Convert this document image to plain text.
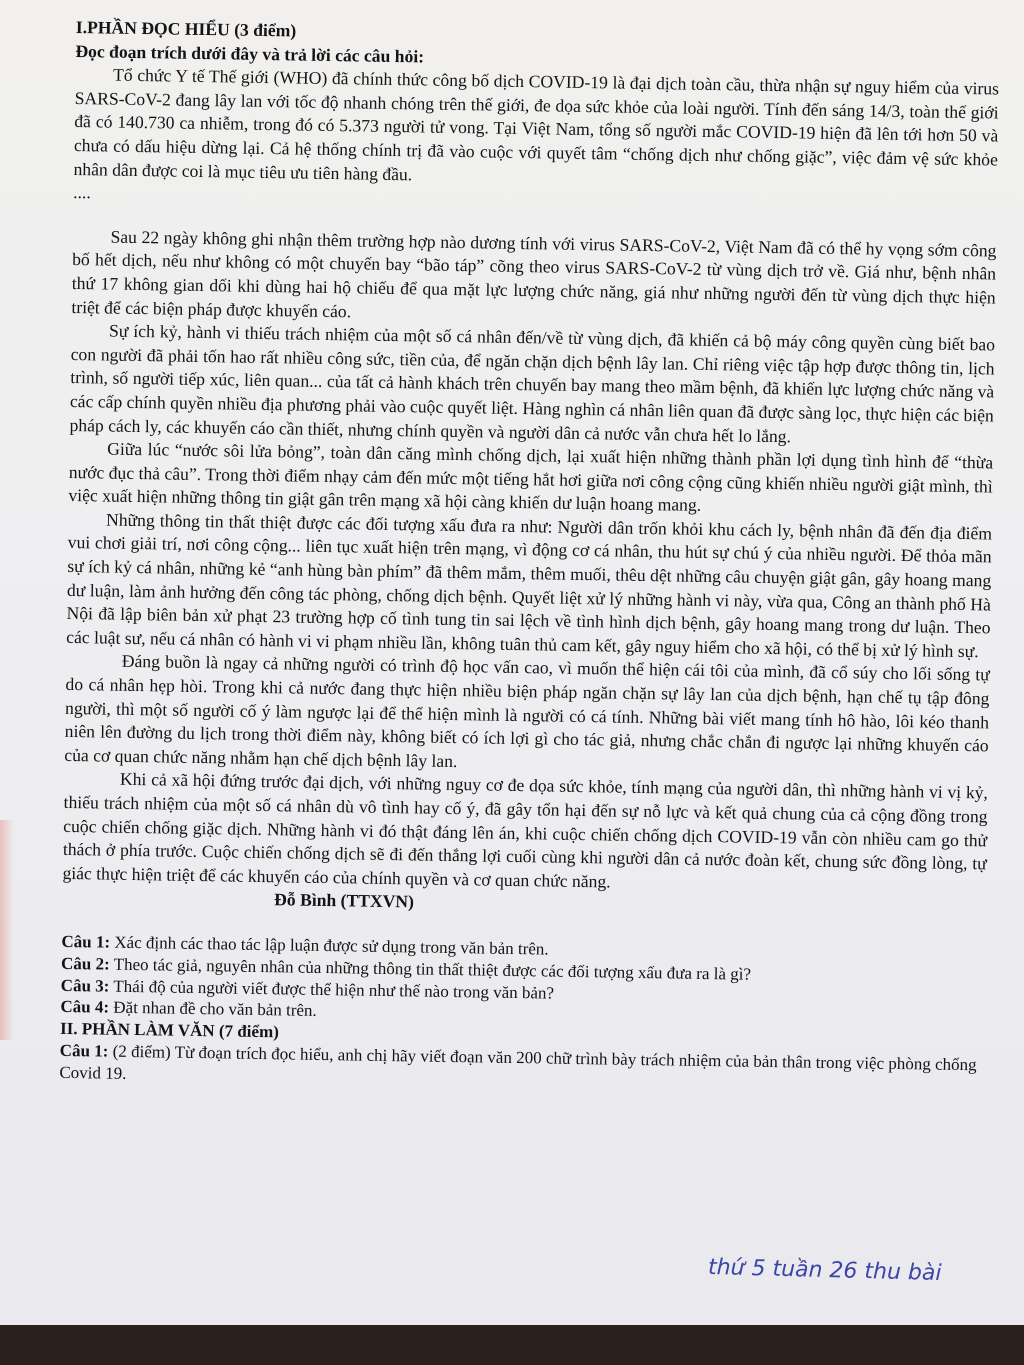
I.PHẦN ĐỌC HIỂU (3 điểm)

Đọc đoạn trích dưới đây và trả lời các câu hỏi:

Tổ chức Y tế Thế giới (WHO) đã chính thức công bố dịch COVID-19 là đại dịch toàn cầu, thừa nhận sự nguy hiểm của virus SARS-CoV-2 đang lây lan với tốc độ nhanh chóng trên thế giới, đe dọa sức khỏe của loài người. Tính đến sáng 14/3, toàn thế giới đã có 140.730 ca nhiễm, trong đó có 5.373 người tử vong. Tại Việt Nam, tổng số người mắc COVID-19 hiện đã lên tới hơn 50 và chưa có dấu hiệu dừng lại. Cả hệ thống chính trị đã vào cuộc với quyết tâm “chống dịch như chống giặc”, việc đảm vệ sức khỏe nhân dân được coi là mục tiêu ưu tiên hàng đầu.

....

Sau 22 ngày không ghi nhận thêm trường hợp nào dương tính với virus SARS-CoV-2, Việt Nam đã có thể hy vọng sớm công bố hết dịch, nếu như không có một chuyến bay “bão táp” cõng theo virus SARS-CoV-2 từ vùng dịch trở về. Giá như, bệnh nhân thứ 17 không gian dối khi dùng hai hộ chiếu để qua mặt lực lượng chức năng, giá như những người đến từ vùng dịch thực hiện triệt để các biện pháp được khuyến cáo.

Sự ích kỷ, hành vi thiếu trách nhiệm của một số cá nhân đến/về từ vùng dịch, đã khiến cả bộ máy công quyền cùng biết bao con người đã phải tốn hao rất nhiều công sức, tiền của, để ngăn chặn dịch bệnh lây lan. Chỉ riêng việc tập hợp được thông tin, lịch trình, số người tiếp xúc, liên quan... của tất cả hành khách trên chuyến bay mang theo mầm bệnh, đã khiến lực lượng chức năng và các cấp chính quyền nhiều địa phương phải vào cuộc quyết liệt. Hàng nghìn cá nhân liên quan đã được sàng lọc, thực hiện các biện pháp cách ly, các khuyến cáo cần thiết, nhưng chính quyền và người dân cả nước vẫn chưa hết lo lắng.

Giữa lúc “nước sôi lửa bỏng”, toàn dân căng mình chống dịch, lại xuất hiện những thành phần lợi dụng tình hình để “thừa nước đục thả câu”. Trong thời điểm nhạy cảm đến mức một tiếng hắt hơi giữa nơi công cộng cũng khiến nhiều người giật mình, thì việc xuất hiện những thông tin giật gân trên mạng xã hội càng khiến dư luận hoang mang.

Những thông tin thất thiệt được các đối tượng xấu đưa ra như: Người dân trốn khỏi khu cách ly, bệnh nhân đã đến địa điểm vui chơi giải trí, nơi công cộng... liên tục xuất hiện trên mạng, vì động cơ cá nhân, thu hút sự chú ý của nhiều người. Để thỏa mãn sự ích kỷ cá nhân, những kẻ “anh hùng bàn phím” đã thêm mắm, thêm muối, thêu dệt những câu chuyện giật gân, gây hoang mang dư luận, làm ảnh hưởng đến công tác phòng, chống dịch bệnh. Quyết liệt xử lý những hành vi này, vừa qua, Công an thành phố Hà Nội đã lập biên bản xử phạt 23 trường hợp cố tình tung tin sai lệch về tình hình dịch bệnh, gây hoang mang trong dư luận. Theo các luật sư, nếu cá nhân có hành vi vi phạm nhiều lần, không tuân thủ cam kết, gây nguy hiểm cho xã hội, có thể bị xử lý hình sự.

Đáng buồn là ngay cả những người có trình độ học vấn cao, vì muốn thể hiện cái tôi của mình, đã cổ súy cho lối sống tự do cá nhân hẹp hòi. Trong khi cả nước đang thực hiện nhiều biện pháp ngăn chặn sự lây lan của dịch bệnh, hạn chế tụ tập đông người, thì một số người cố ý làm ngược lại để thể hiện mình là người có cá tính. Những bài viết mang tính hô hào, lôi kéo thanh niên lên đường du lịch trong thời điểm này, không biết có ích lợi gì cho tác giả, nhưng chắc chắn đi ngược lại những khuyến cáo của cơ quan chức năng nhằm hạn chế dịch bệnh lây lan.

Khi cả xã hội đứng trước đại dịch, với những nguy cơ đe dọa sức khỏe, tính mạng của người dân, thì những hành vi vị kỷ, thiếu trách nhiệm của một số cá nhân dù vô tình hay cố ý, đã gây tổn hại đến sự nỗ lực và kết quả chung của cả cộng đồng trong cuộc chiến chống giặc dịch. Những hành vi đó thật đáng lên án, khi cuộc chiến chống dịch COVID-19 vẫn còn nhiều cam go thử thách ở phía trước. Cuộc chiến chống dịch sẽ đi đến thắng lợi cuối cùng khi người dân cả nước đoàn kết, chung sức đồng lòng, tự giác thực hiện triệt để các khuyến cáo của chính quyền và cơ quan chức năng.

Đỗ Bình (TTXVN)

Câu 1: Xác định các thao tác lập luận được sử dụng trong văn bản trên.

Câu 2: Theo tác giả, nguyên nhân của những thông tin thất thiệt được các đối tượng xấu đưa ra là gì?

Câu 3: Thái độ của người viết được thể hiện như thế nào trong văn bản?

Câu 4: Đặt nhan đề cho văn bản trên.

II. PHẦN LÀM VĂN (7 điểm)

Câu 1: (2 điểm) Từ đoạn trích đọc hiểu, anh chị hãy viết đoạn văn 200 chữ trình bày trách nhiệm của bản thân trong việc phòng chống Covid 19.

thứ 5 tuần 26 thu bài
